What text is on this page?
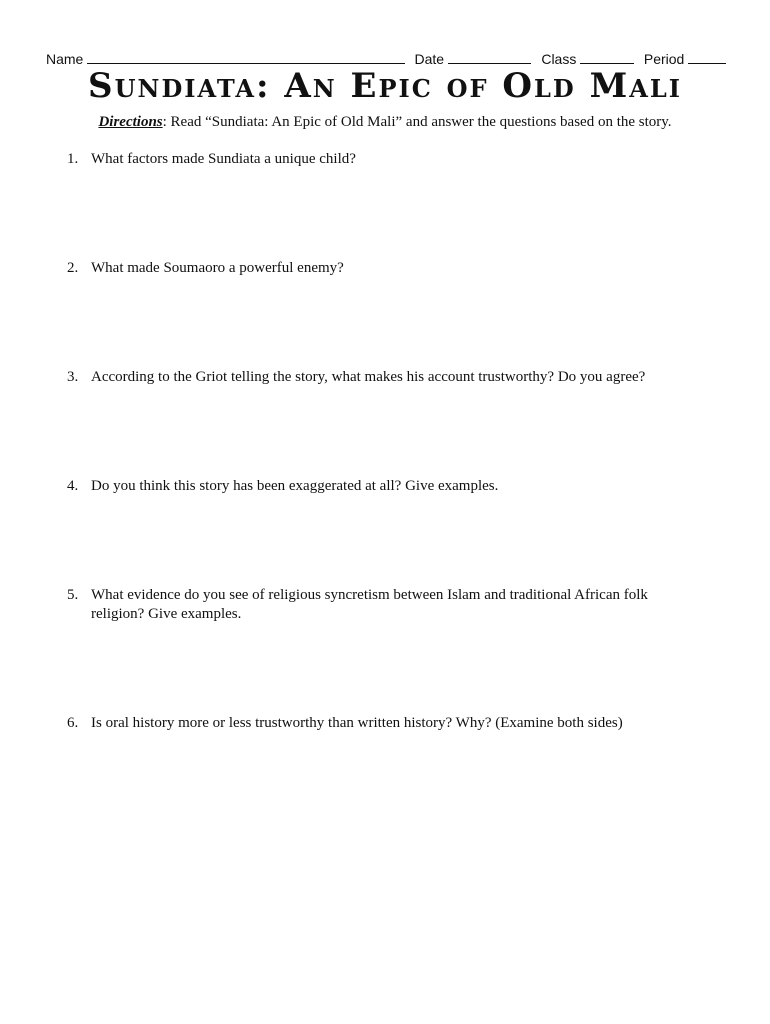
Name	Date	Class	Period
Sundiata: An Epic of Old Mali
Directions: Read “Sundiata: An Epic of Old Mali” and answer the questions based on the story.
1. What factors made Sundiata a unique child?
2. What made Soumaoro a powerful enemy?
3. According to the Griot telling the story, what makes his account trustworthy? Do you agree?
4. Do you think this story has been exaggerated at all? Give examples.
5. What evidence do you see of religious syncretism between Islam and traditional African folk religion? Give examples.
6. Is oral history more or less trustworthy than written history? Why? (Examine both sides)
